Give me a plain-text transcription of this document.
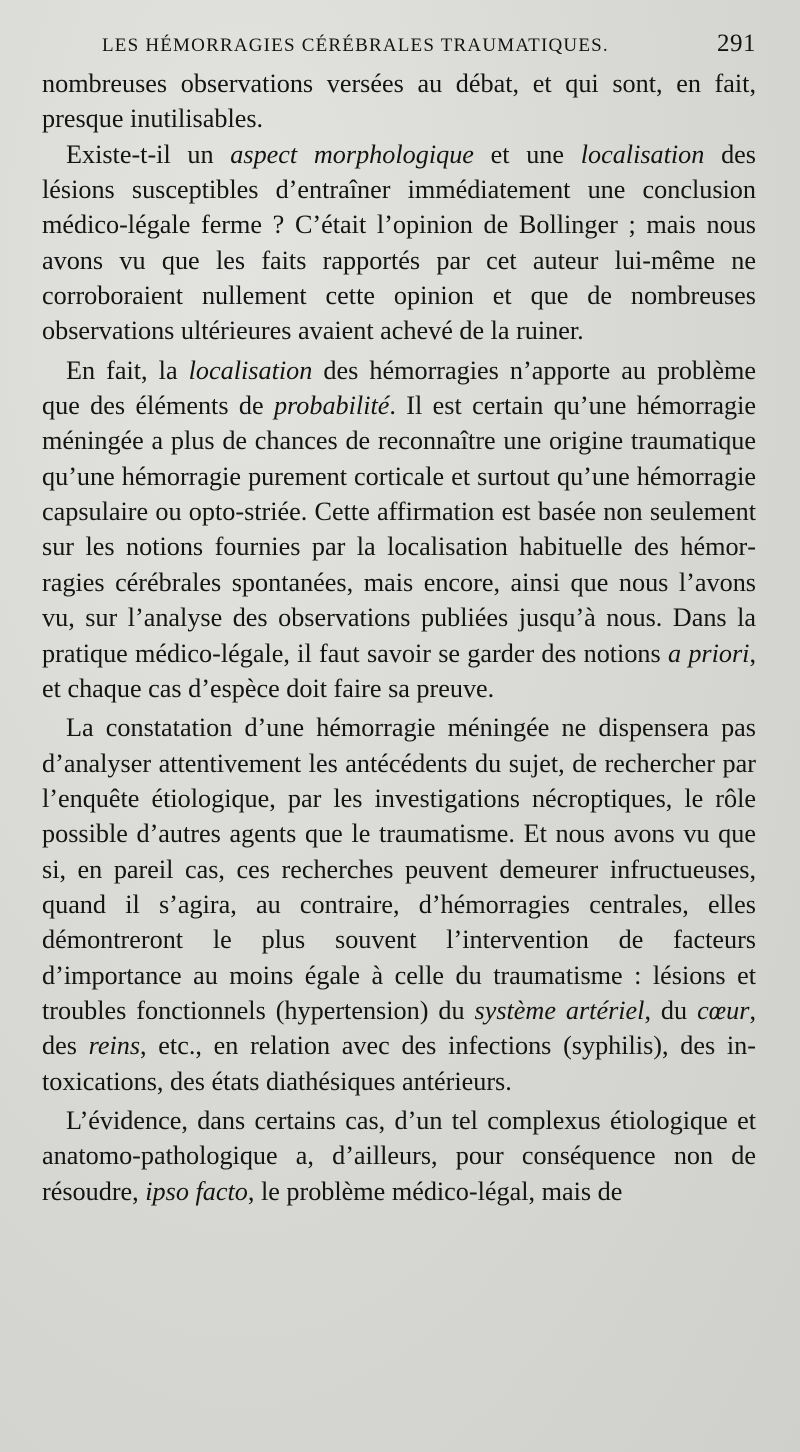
LES HÉMORRAGIES CÉRÉBRALES TRAUMATIQUES.	291

nombreuses observations versées au débat, et qui sont, en fait, presque inutilisables.

Existe-t-il un aspect morphologique et une localisation des lésions susceptibles d’entraîner immédiatement une conclusion médico-légale ferme ? C’était l’opinion de Bollinger ; mais nous avons vu que les faits rapportés par cet auteur lui-même ne corroboraient nullement cette opinion et que de nombreuses observations ultérieures avaient achevé de la ruiner.

En fait, la localisation des hémorragies n’apporte au problème que des éléments de probabilité. Il est certain qu’une hémorragie méningée a plus de chances de reconnaître une origine traumatique qu’une hémorragie purement corticale et surtout qu’une hémorragie capsulaire ou opto-striée. Cette affirmation est basée non seulement sur les notions fournies par la localisation habituelle des hémorragies cérébrales spontanées, mais encore, ainsi que nous l’avons vu, sur l’analyse des observations publiées jusqu’à nous. Dans la pratique médico-légale, il faut savoir se garder des notions a priori, et chaque cas d’espèce doit faire sa preuve.

La constatation d’une hémorragie méningée ne dispensera pas d’analyser attentivement les antécédents du sujet, de rechercher par l’enquête étiologique, par les investigations nécroptiques, le rôle possible d’autres agents que le traumatisme. Et nous avons vu que si, en pareil cas, ces recherches peuvent demeurer infructueuses, quand il s’agira, au contraire, d’hémorragies centrales, elles démontreront le plus souvent l’intervention de facteurs d’importance au moins égale à celle du traumatisme : lésions et troubles fonctionnels (hypertension) du système artériel, du cœur, des reins, etc., en relation avec des infections (syphilis), des intoxications, des états diathésiques antérieurs.

L’évidence, dans certains cas, d’un tel complexus étiologique et anatomo-pathologique a, d’ailleurs, pour conséquence non de résoudre, ipso facto, le problème médico-légal, mais de
